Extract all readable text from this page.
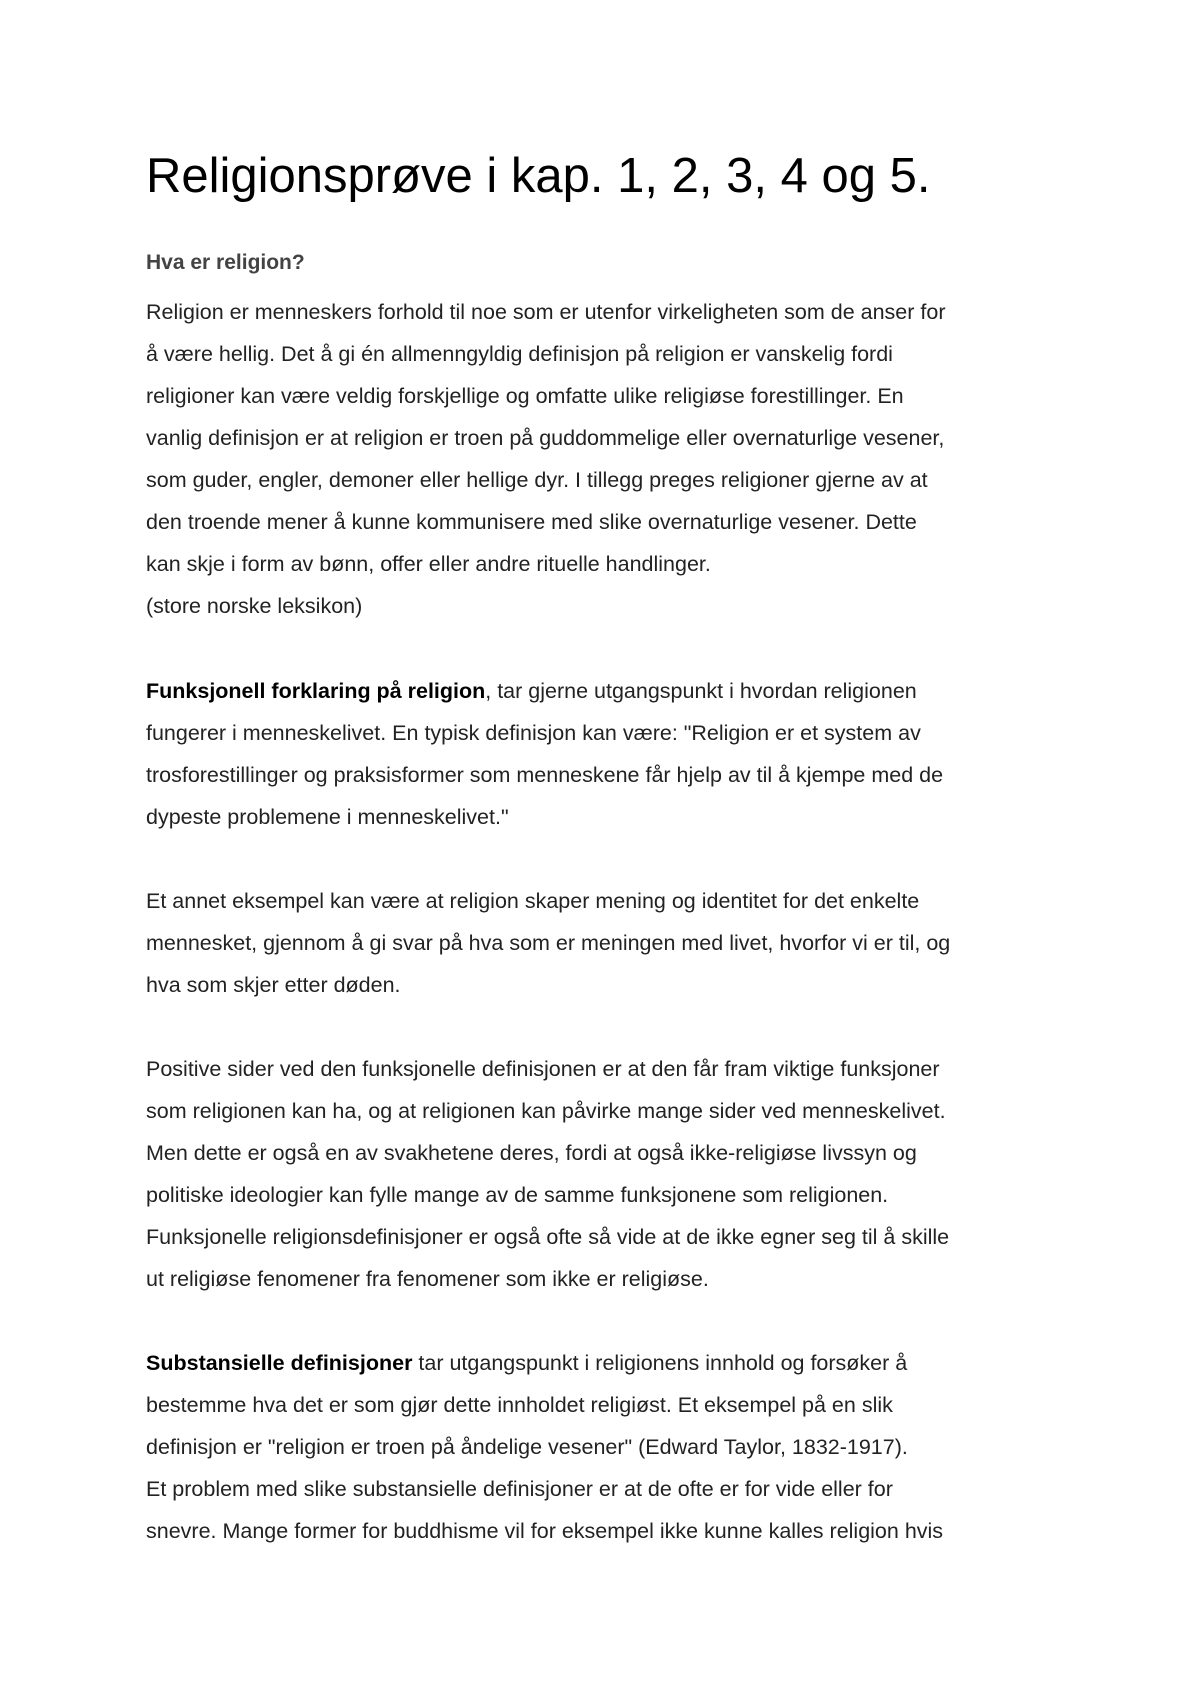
Religionsprøve i kap. 1, 2, 3, 4 og 5.
Hva er religion?

Religion er menneskers forhold til noe som er utenfor virkeligheten som de anser for
å være hellig. Det å gi én allmenngyldig definisjon på religion er vanskelig fordi
religioner kan være veldig forskjellige og omfatte ulike religiøse forestillinger. En
vanlig definisjon er at religion er troen på guddommelige eller overnaturlige vesener,
som guder, engler, demoner eller hellige dyr. I tillegg preges religioner gjerne av at
den troende mener å kunne kommunisere med slike overnaturlige vesener. Dette
kan skje i form av bønn, offer eller andre rituelle handlinger.
(store norske leksikon)

Funksjonell forklaring på religion, tar gjerne utgangspunkt i hvordan religionen
fungerer i menneskelivet. En typisk definisjon kan være: "Religion er et system av
trosforestillinger og praksisformer som menneskene får hjelp av til å kjempe med de
dypeste problemene i menneskelivet."

Et annet eksempel kan være at religion skaper mening og identitet for det enkelte
mennesket, gjennom å gi svar på hva som er meningen med livet, hvorfor vi er til, og
hva som skjer etter døden.

Positive sider ved den funksjonelle definisjonen er at den får fram viktige funksjoner
som religionen kan ha, og at religionen kan påvirke mange sider ved menneskelivet.
Men dette er også en av svakhetene deres, fordi at også ikke-religiøse livssyn og
politiske ideologier kan fylle mange av de samme funksjonene som religionen.
Funksjonelle religionsdefinisjoner er også ofte så vide at de ikke egner seg til å skille
ut religiøse fenomener fra fenomener som ikke er religiøse.

Substansielle definisjoner tar utgangspunkt i religionens innhold og forsøker å
bestemme hva det er som gjør dette innholdet religiøst. Et eksempel på en slik
definisjon er "religion er troen på åndelige vesener" (Edward Taylor, 1832-1917).
Et problem med slike substansielle definisjoner er at de ofte er for vide eller for
snevre. Mange former for buddhisme vil for eksempel ikke kunne kalles religion hvis
